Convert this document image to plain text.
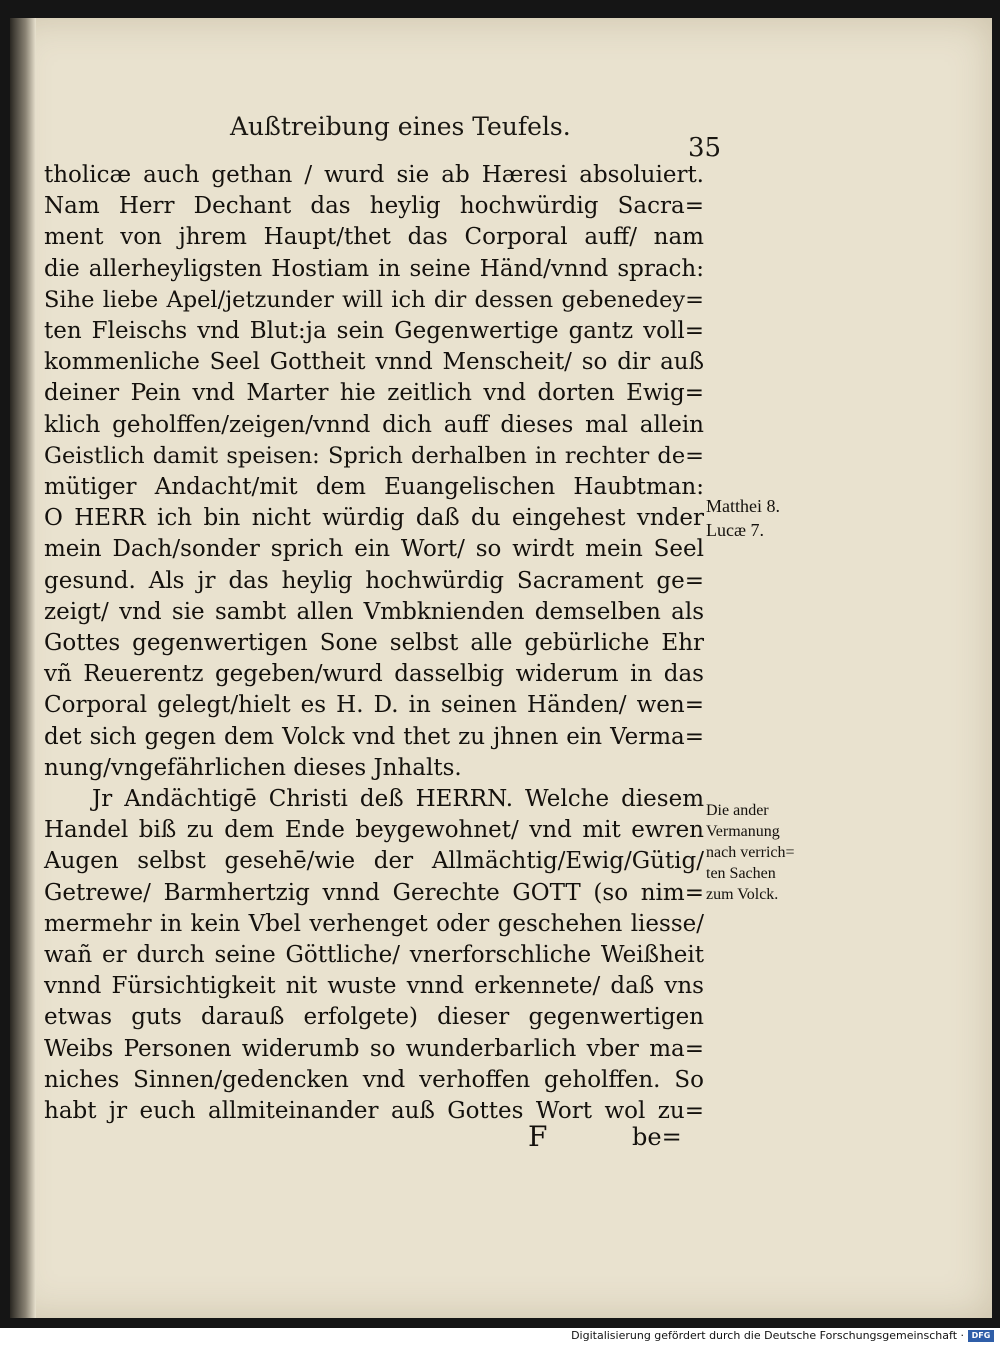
Außtreibung eines Teufels.
35
tholicæ auch gethan / wurd sie ab Hæresi absoluiert.
Nam Herr Dechant das heylig hochwürdig Sacra=
ment von jhrem Haupt/thet das Corporal auff/ nam
die allerheyligsten Hostiam in seine Händ/vnnd sprach:
Sihe liebe Apel/jetzunder will ich dir dessen gebenedey=
ten Fleischs vnd Blut:ja sein Gegenwertige gantz voll=
kommenliche Seel Gottheit vnnd Menscheit/ so dir auß
deiner Pein vnd Marter hie zeitlich vnd dorten Ewig=
klich geholffen/zeigen/vnnd dich auff dieses mal allein
Geistlich damit speisen: Sprich derhalben in rechter de=
mütiger Andacht/mit dem Euangelischen Haubtman:
O HERR ich bin nicht würdig daß du eingehest vnder
mein Dach/sonder sprich ein Wort/ so wirdt mein Seel
gesund. Als jr das heylig hochwürdig Sacrament ge=
zeigt/ vnd sie sambt allen Vmbknienden demselben als
Gottes gegenwertigen Sone selbst alle gebürliche Ehr
vñ Reuerentz gegeben/wurd dasselbig widerum in das
Corporal gelegt/hielt es H. D. in seinen Händen/ wen=
det sich gegen dem Volck vnd thet zu jhnen ein Verma=
nung/vngefährlichen dieses Jnhalts.
Jr Andächtigē Christi deß HERRN. Welche diesem
Handel biß zu dem Ende beygewohnet/ vnd mit ewren
Augen selbst gesehē/wie der Allmächtig/Ewig/Gütig/
Getrewe/ Barmhertzig vnnd Gerechte GOTT (so nim=
mermehr in kein Vbel verhenget oder geschehen liesse/
wañ er durch seine Göttliche/ vnerforschliche Weißheit
vnnd Fürsichtigkeit nit wuste vnnd erkennete/ daß vns
etwas guts darauß erfolgete) dieser gegenwertigen
Weibs Personen widerumb so wunderbarlich vber ma=
niches Sinnen/gedencken vnd verhoffen geholffen. So
habt jr euch allmiteinander auß Gottes Wort wol zu=
Matthei 8.
Lucæ 7.
Die ander
Vermanung
nach verrich=
ten Sachen
zum Volck.
F	be=
Digitalisierung gefördert durch die Deutsche Forschungsgemeinschaft · DFG
